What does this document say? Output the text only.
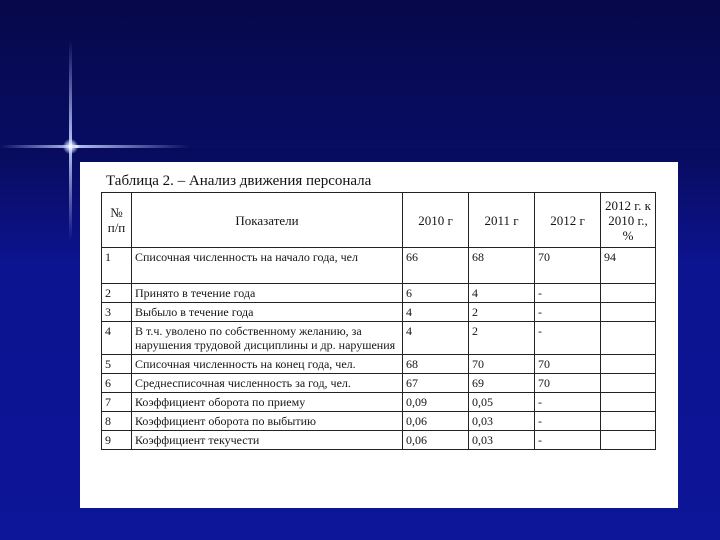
Таблица 2. – Анализ движения персонала
№ п/п	Показатели	2010 г	2011 г	2012 г	2012 г. к 2010 г., %
1	Списочная численность на начало года, чел	66	68	70	94
2	Принято в течение года	6	4	-	
3	Выбыло в течение года	4	2	-	
4	В т.ч. уволено по собственному желанию, за нарушения трудовой дисциплины и др. нарушения	4	2	-	
5	Списочная численность на конец года, чел.	68	70	70	
6	Среднесписочная численность за год, чел.	67	69	70	
7	Коэффициент оборота по приему	0,09	0,05	-	
8	Коэффициент оборота по выбытию	0,06	0,03	-	
9	Коэффициент текучести	0,06	0,03	-	
